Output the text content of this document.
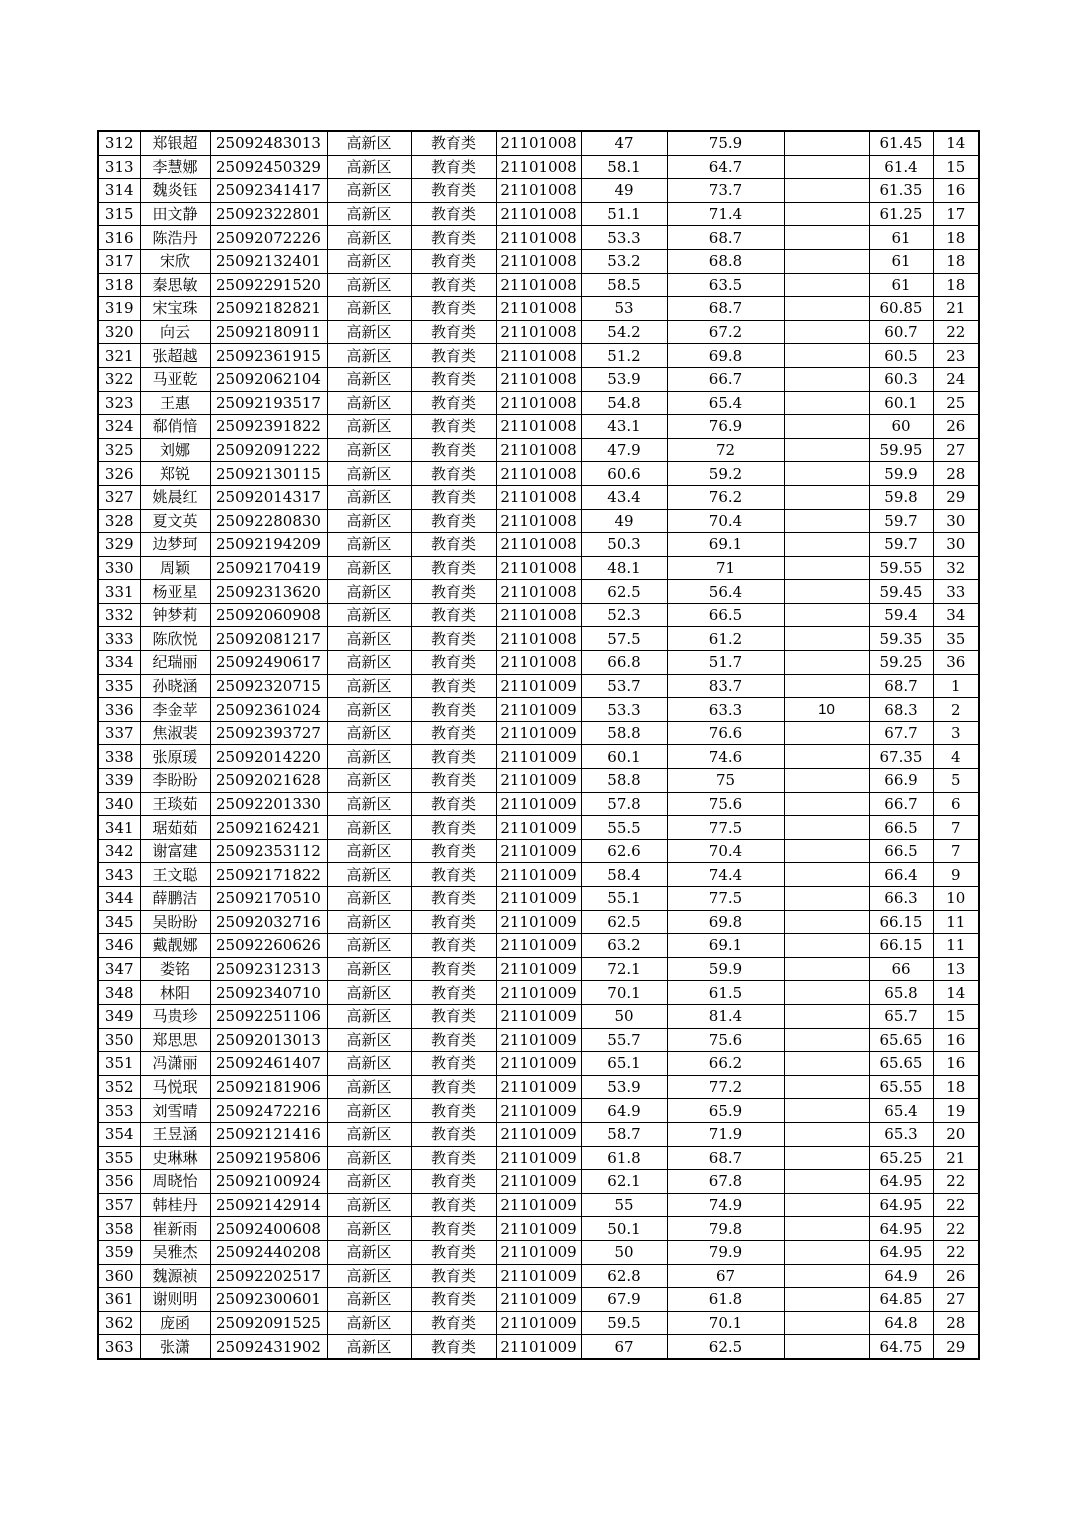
312	郑银超	25092483013	高新区	教育类	21101008	47	75.9		61.45	14
313	李慧娜	25092450329	高新区	教育类	21101008	58.1	64.7		61.4	15
314	魏炎钰	25092341417	高新区	教育类	21101008	49	73.7		61.35	16
315	田文静	25092322801	高新区	教育类	21101008	51.1	71.4		61.25	17
316	陈浩丹	25092072226	高新区	教育类	21101008	53.3	68.7		61	18
317	宋欣	25092132401	高新区	教育类	21101008	53.2	68.8		61	18
318	秦思敏	25092291520	高新区	教育类	21101008	58.5	63.5		61	18
319	宋宝珠	25092182821	高新区	教育类	21101008	53	68.7		60.85	21
320	向云	25092180911	高新区	教育类	21101008	54.2	67.2		60.7	22
321	张超越	25092361915	高新区	教育类	21101008	51.2	69.8		60.5	23
322	马亚乾	25092062104	高新区	教育类	21101008	53.9	66.7		60.3	24
323	王惠	25092193517	高新区	教育类	21101008	54.8	65.4		60.1	25
324	郗俏愔	25092391822	高新区	教育类	21101008	43.1	76.9		60	26
325	刘娜	25092091222	高新区	教育类	21101008	47.9	72		59.95	27
326	郑锐	25092130115	高新区	教育类	21101008	60.6	59.2		59.9	28
327	姚晨红	25092014317	高新区	教育类	21101008	43.4	76.2		59.8	29
328	夏文英	25092280830	高新区	教育类	21101008	49	70.4		59.7	30
329	边梦珂	25092194209	高新区	教育类	21101008	50.3	69.1		59.7	30
330	周颖	25092170419	高新区	教育类	21101008	48.1	71		59.55	32
331	杨亚星	25092313620	高新区	教育类	21101008	62.5	56.4		59.45	33
332	钟梦莉	25092060908	高新区	教育类	21101008	52.3	66.5		59.4	34
333	陈欣悦	25092081217	高新区	教育类	21101008	57.5	61.2		59.35	35
334	纪瑞丽	25092490617	高新区	教育类	21101008	66.8	51.7		59.25	36
335	孙晓涵	25092320715	高新区	教育类	21101009	53.7	83.7		68.7	1
336	李金苹	25092361024	高新区	教育类	21101009	53.3	63.3	10	68.3	2
337	焦淑裴	25092393727	高新区	教育类	21101009	58.8	76.6		67.7	3
338	张原瑗	25092014220	高新区	教育类	21101009	60.1	74.6		67.35	4
339	李盼盼	25092021628	高新区	教育类	21101009	58.8	75		66.9	5
340	王琰茹	25092201330	高新区	教育类	21101009	57.8	75.6		66.7	6
341	琚茹茹	25092162421	高新区	教育类	21101009	55.5	77.5		66.5	7
342	谢富建	25092353112	高新区	教育类	21101009	62.6	70.4		66.5	7
343	王文聪	25092171822	高新区	教育类	21101009	58.4	74.4		66.4	9
344	薛鹏洁	25092170510	高新区	教育类	21101009	55.1	77.5		66.3	10
345	吴盼盼	25092032716	高新区	教育类	21101009	62.5	69.8		66.15	11
346	戴靓娜	25092260626	高新区	教育类	21101009	63.2	69.1		66.15	11
347	娄铭	25092312313	高新区	教育类	21101009	72.1	59.9		66	13
348	林阳	25092340710	高新区	教育类	21101009	70.1	61.5		65.8	14
349	马贵珍	25092251106	高新区	教育类	21101009	50	81.4		65.7	15
350	郑思思	25092013013	高新区	教育类	21101009	55.7	75.6		65.65	16
351	冯潇丽	25092461407	高新区	教育类	21101009	65.1	66.2		65.65	16
352	马悦珉	25092181906	高新区	教育类	21101009	53.9	77.2		65.55	18
353	刘雪晴	25092472216	高新区	教育类	21101009	64.9	65.9		65.4	19
354	王昱涵	25092121416	高新区	教育类	21101009	58.7	71.9		65.3	20
355	史琳琳	25092195806	高新区	教育类	21101009	61.8	68.7		65.25	21
356	周晓怡	25092100924	高新区	教育类	21101009	62.1	67.8		64.95	22
357	韩桂丹	25092142914	高新区	教育类	21101009	55	74.9		64.95	22
358	崔新雨	25092400608	高新区	教育类	21101009	50.1	79.8		64.95	22
359	吴雅杰	25092440208	高新区	教育类	21101009	50	79.9		64.95	22
360	魏源祯	25092202517	高新区	教育类	21101009	62.8	67		64.9	26
361	谢则明	25092300601	高新区	教育类	21101009	67.9	61.8		64.85	27
362	庞函	25092091525	高新区	教育类	21101009	59.5	70.1		64.8	28
363	张潇	25092431902	高新区	教育类	21101009	67	62.5		64.75	29
